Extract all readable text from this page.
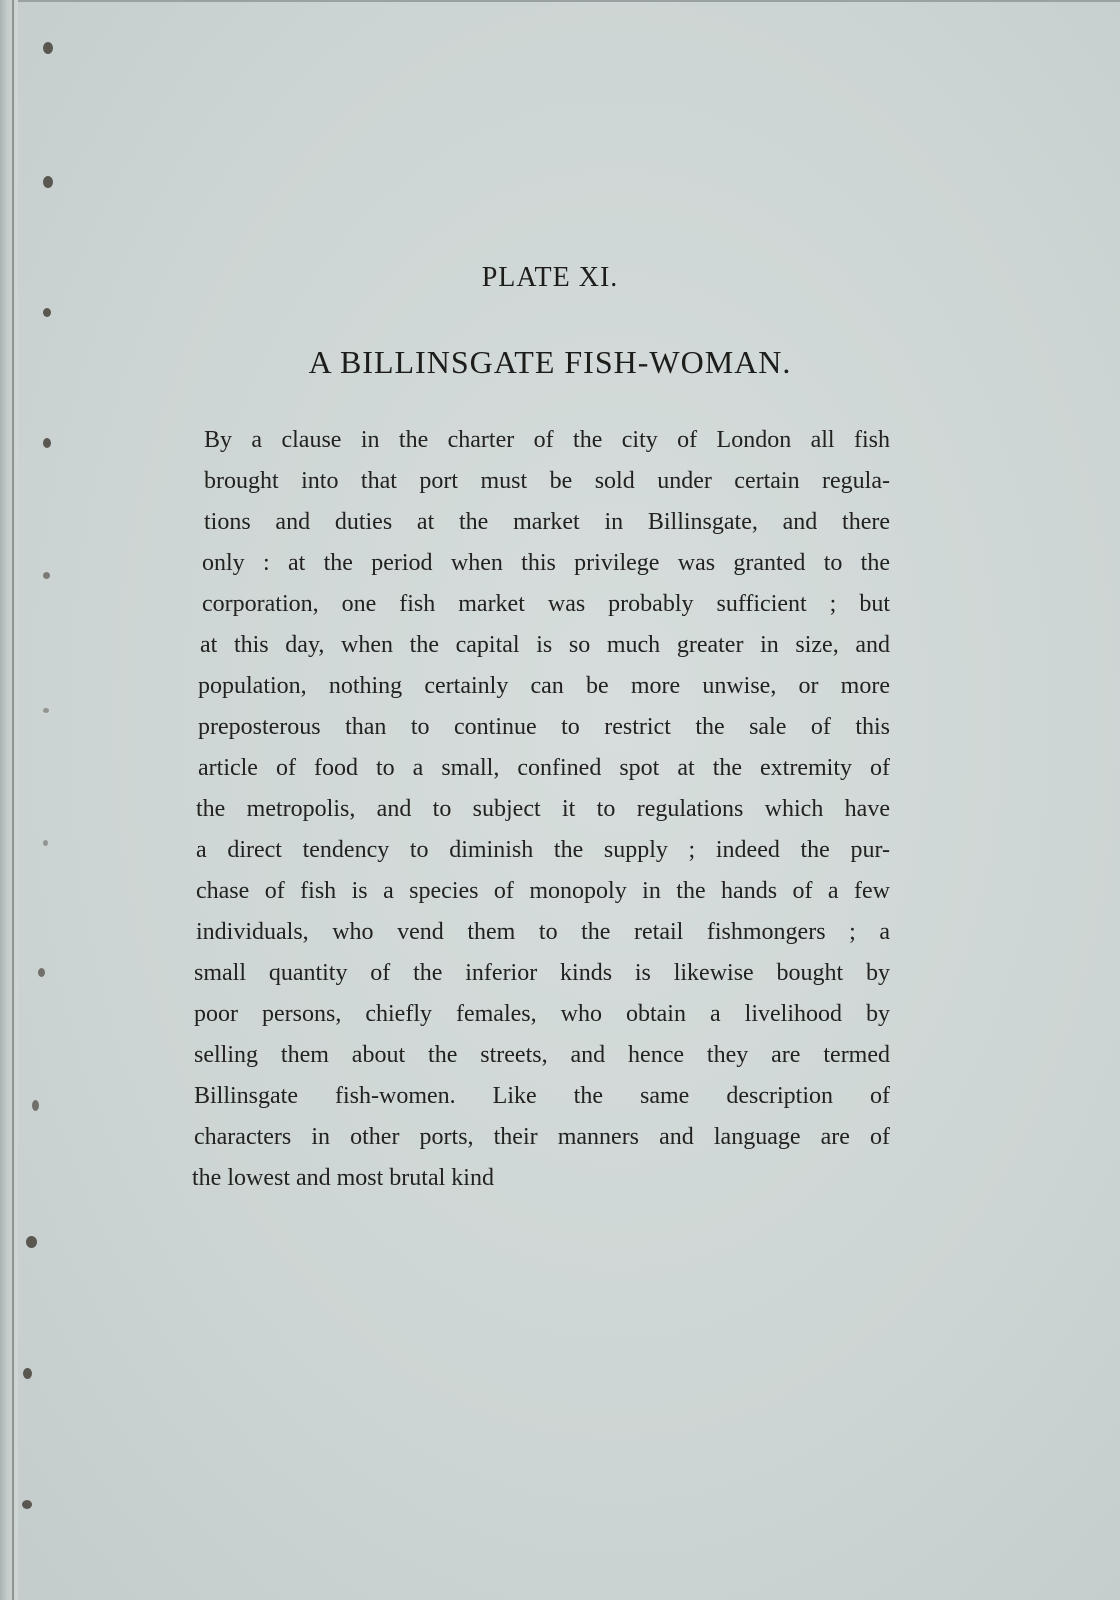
PLATE XI.
A BILLINSGATE FISH-WOMAN.
By a clause in the charter of the city of London all fish
brought into that port must be sold under certain regula-
tions and duties at the market in Billinsgate, and there
only : at the period when this privilege was granted to the
corporation, one fish market was probably sufficient ; but
at this day, when the capital is so much greater in size, and
population, nothing certainly can be more unwise, or more
preposterous than to continue to restrict the sale of this
article of food to a small, confined spot at the extremity of
the metropolis, and to subject it to regulations which have
a direct tendency to diminish the supply ; indeed the pur-
chase of fish is a species of monopoly in the hands of a few
individuals, who vend them to the retail fishmongers ; a
small quantity of the inferior kinds is likewise bought by
poor persons, chiefly females, who obtain a livelihood by
selling them about the streets, and hence they are termed
Billinsgate fish-women. Like the same description of
characters in other ports, their manners and language are of
the lowest and most brutal kind
